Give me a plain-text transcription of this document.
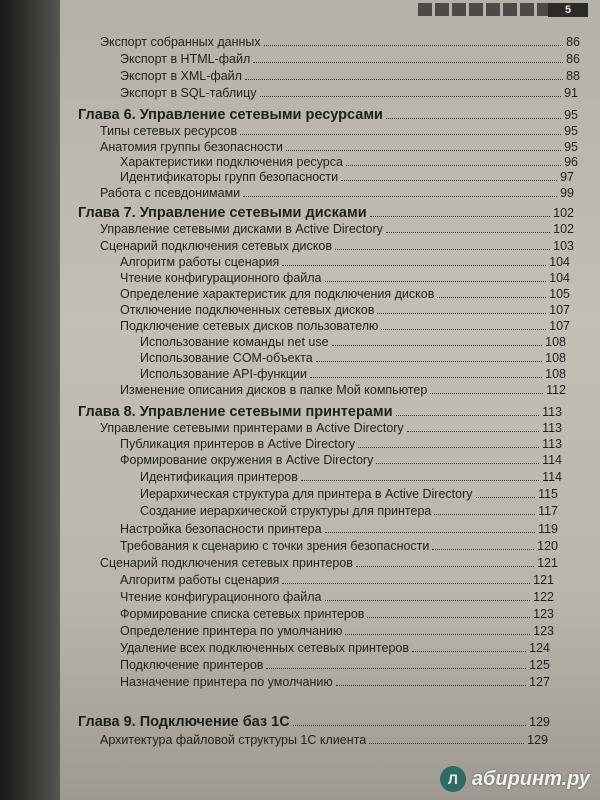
5
Экспорт собранных данных	86
Экспорт в HTML-файл	86
Экспорт в XML-файл	88
Экспорт в SQL-таблицу	91
Глава 6. Управление сетевыми ресурсами	95
Типы сетевых ресурсов	95
Анатомия группы безопасности	95
Характеристики подключения ресурса	96
Идентификаторы групп безопасности	97
Работа с псевдонимами	99
Глава 7. Управление сетевыми дисками	102
Управление сетевыми дисками в Active Directory	102
Сценарий подключения сетевых дисков	103
Алгоритм работы сценария	104
Чтение конфигурационного файла	104
Определение характеристик для подключения дисков	105
Отключение подключенных сетевых дисков	107
Подключение сетевых дисков пользователю	107
Использование команды net use	108
Использование COM-объекта	108
Использование API-функции	108
Изменение описания дисков в папке Мой компьютер	112
Глава 8. Управление сетевыми принтерами	113
Управление сетевыми принтерами в Active Directory	113
Публикация принтеров в Active Directory	113
Формирование окружения в Active Directory	114
Идентификация принтеров	114
Иерархическая структура для принтера в Active Directory	115
Создание иерархической структуры для принтера	117
Настройка безопасности принтера	119
Требования к сценарию с точки зрения безопасности	120
Сценарий подключения сетевых принтеров	121
Алгоритм работы сценария	121
Чтение конфигурационного файла	122
Формирование списка сетевых принтеров	123
Определение принтера по умолчанию	123
Удаление всех подключенных сетевых принтеров	124
Подключение принтеров	125
Назначение принтера по умолчанию	127
Глава 9. Подключение баз 1С	129
Архитектура файловой структуры 1С клиента	129
Л абиринт.ру
